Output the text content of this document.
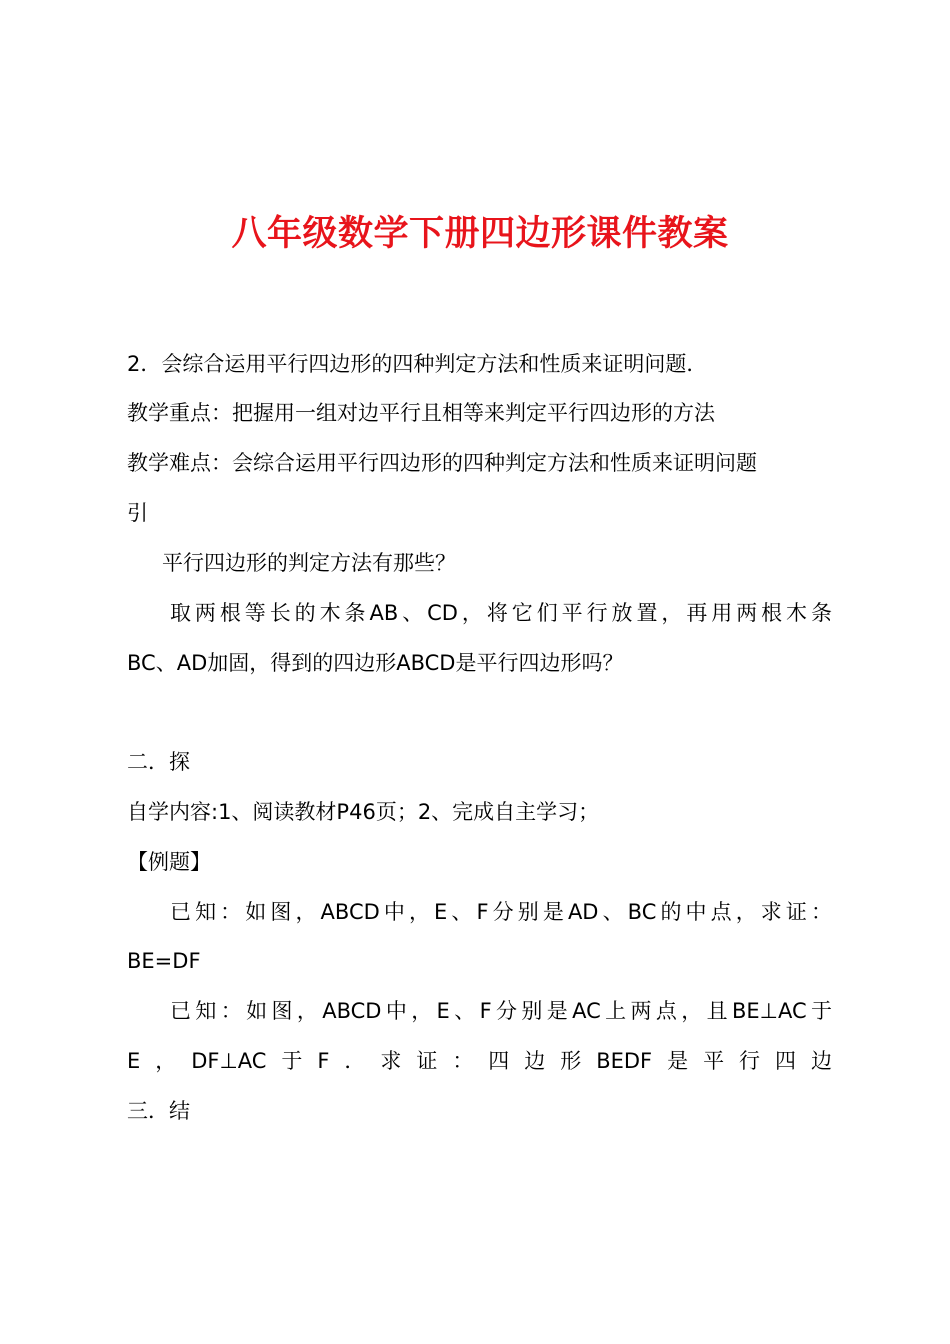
八年级数学下册四边形课件教案
2．会综合运用平行四边形的四种判定方法和性质来证明问题．
教学重点：把握用一组对边平行且相等来判定平行四边形的方法
教学难点：会综合运用平行四边形的四种判定方法和性质来证明问题
引
平行四边形的判定方法有那些？
取两根等长的木条AB、CD，将它们平行放置，再用两根木条
BC、AD加固，得到的四边形ABCD是平行四边形吗？
二．探
自学内容:1、阅读教材P46页；2、完成自主学习；
【例题】
已知：如图，ABCD中，E、F分别是AD、BC的中点，求证：
BE=DF
已知：如图，ABCD中，E、F分别是AC上两点，且BE⊥AC于
E，DF⊥AC于F．求证：四边形BEDF是平行四边
三．结
